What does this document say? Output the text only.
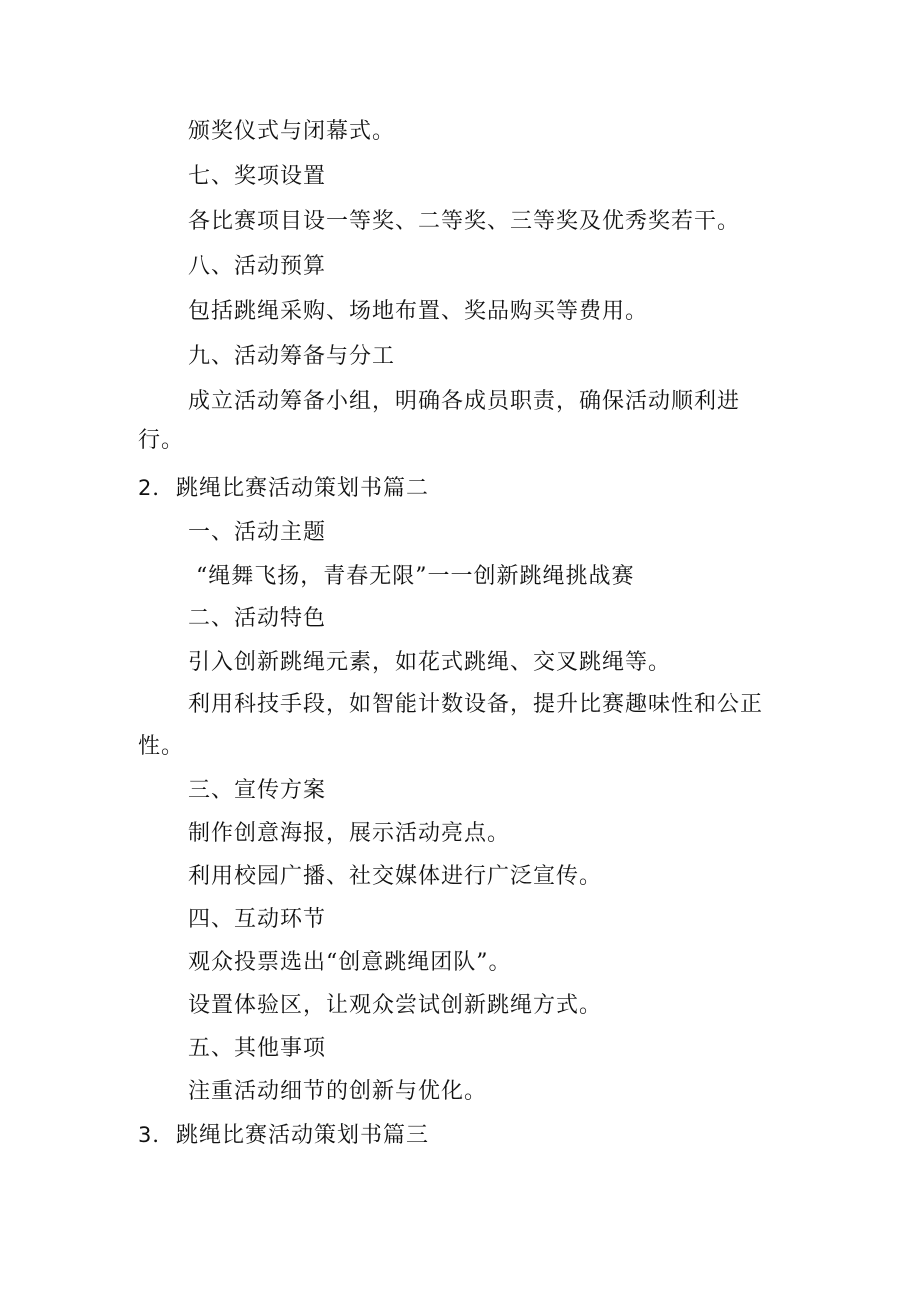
颁奖仪式与闭幕式。
七、奖项设置
各比赛项目设一等奖、二等奖、三等奖及优秀奖若干。
八、活动预算
包括跳绳采购、场地布置、奖品购买等费用。
九、活动筹备与分工
成立活动筹备小组，明确各成员职责，确保活动顺利进
行。
2．跳绳比赛活动策划书篇二
一、活动主题
“绳舞飞扬，青春无限”一一创新跳绳挑战赛
二、活动特色
引入创新跳绳元素，如花式跳绳、交叉跳绳等。
利用科技手段，如智能计数设备，提升比赛趣味性和公正
性。
三、宣传方案
制作创意海报，展示活动亮点。
利用校园广播、社交媒体进行广泛宣传。
四、互动环节
观众投票选出“创意跳绳团队”。
设置体验区，让观众尝试创新跳绳方式。
五、其他事项
注重活动细节的创新与优化。
3．跳绳比赛活动策划书篇三
